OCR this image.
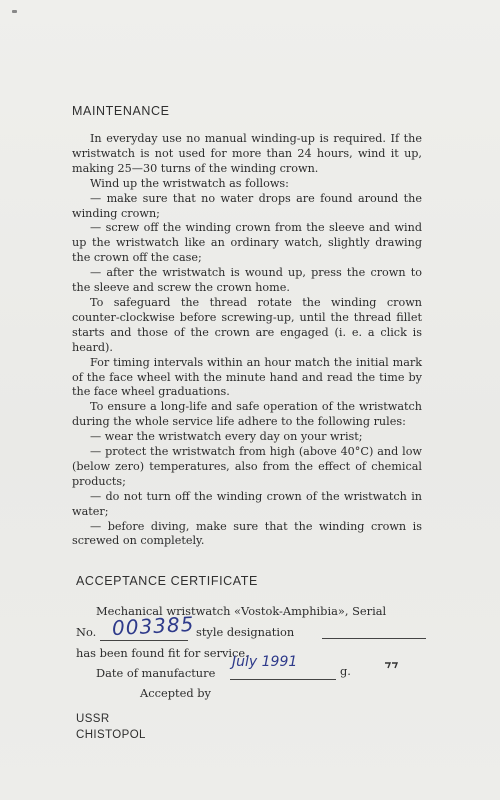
MAINTENANCE

In everyday use no manual winding-up is required. If the wristwatch is not used for more than 24 hours, wind it up, making 25—30 turns of the winding crown.

Wind up the wristwatch as follows:

— make sure that no water drops are found around the winding crown;

— screw off the winding crown from the sleeve and wind up the wristwatch like an ordinary watch, slightly drawing the crown off the case;

— after the wristwatch is wound up, press the crown to the sleeve and screw the crown home.

To safeguard the thread rotate the winding crown counter-clockwise before screwing-up, until the thread fillet starts and those of the crown are engaged (i. e. a click is heard).

For timing intervals within an hour match the initial mark of the face wheel with the minute hand and read the time by the face wheel graduations.

To ensure a long-life and safe operation of the wristwatch during the whole service life adhere to the following rules:

— wear the wristwatch every day on your wrist;

— protect the wristwatch from high (above 40°C) and low (below zero) temperatures, also from the effect of chemical products;

— do not turn off the winding crown of the wristwatch in water;

— before diving, make sure that the winding crown is screwed on completely.

ACCEPTANCE CERTIFICATE
Mechanical wristwatch «Vostok-Amphibia», Serial
No. 003385 style designation
has been found fit for service.
Date of manufacture
July 1991
g.
Accepted by
USSR
CHISTOPOL
